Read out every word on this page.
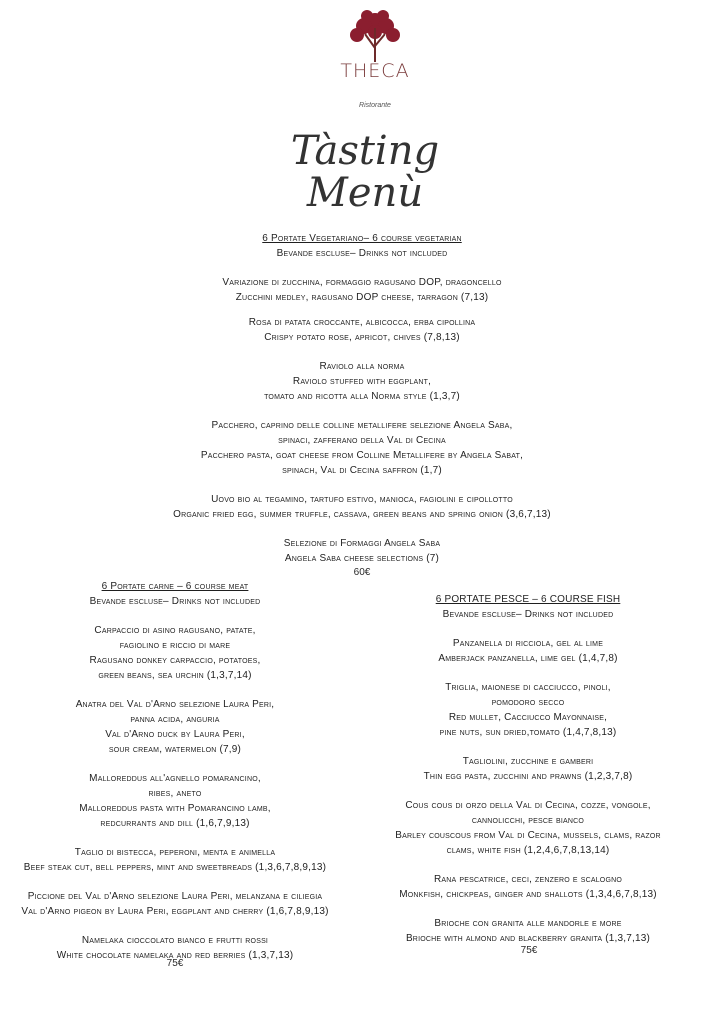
THECA
Ristorante
Tàsting
Menù
6 Portate Vegetariano– 6 course vegetarian
Bevande escluse– Drinks not included
Variazione di zucchina, formaggio ragusano DOP, dragoncello
Zucchini medley, ragusano DOP cheese, tarragon (7,13)
Rosa di patata croccante, albicocca, erba cipollina
Crispy potato rose, apricot, chives (7,8,13)
Raviolo alla norma
Raviolo stuffed with eggplant,
tomato and ricotta alla Norma style (1,3,7)
Pacchero, caprino delle colline metallifere selezione Angela Saba,
spinaci, zafferano della Val di Cecina
Pacchero pasta, goat cheese from Colline Metallifere by Angela Sabat,
spinach, Val di Cecina saffron (1,7)
Uovo bio al tegamino, tartufo estivo, manioca, fagiolini e cipollotto
Organic fried egg, summer truffle, cassava, green beans and spring onion (3,6,7,13)
Selezione di Formaggi Angela Saba
Angela Saba cheese selections (7)
60€
6 Portate carne – 6 course meat
Bevande escluse– Drinks not included
Carpaccio di asino ragusano, patate,
fagiolino e riccio di mare
Ragusano donkey carpaccio, potatoes,
green beans, sea urchin (1,3,7,14)
Anatra del Val d'Arno selezione Laura Peri,
panna acida, anguria
Val d'Arno duck by Laura Peri,
sour cream, watermelon (7,9)
Malloreddus all'agnello pomarancino,
ribes, aneto
Malloreddus pasta with Pomarancino lamb,
redcurrants and dill (1,6,7,9,13)
Taglio di bistecca, peperoni, menta e animella
Beef steak cut, bell peppers, mint and sweetbreads (1,3,6,7,8,9,13)
Piccione del Val d'Arno selezione Laura Peri, melanzana e ciliegia
Val d'Arno pigeon by Laura Peri, eggplant and cherry (1,6,7,8,9,13)
Namelaka cioccolato bianco e frutti rossi
White chocolate namelaka and red berries (1,3,7,13)
75€
6 PORTATE PESCE – 6 COURSE FISH
Bevande escluse– Drinks not included
Panzanella di ricciola, gel al lime
Amberjack panzanella, lime gel (1,4,7,8)
Triglia, maionese di cacciucco, pinoli,
pomodoro secco
Red mullet, Cacciucco Mayonnaise,
pine nuts, sun dried,tomato (1,4,7,8,13)
Tagliolini, zucchine e gamberi
Thin egg pasta, zucchini and prawns (1,2,3,7,8)
Cous cous di orzo della Val di Cecina, cozze, vongole,
cannolicchi, pesce bianco
Barley couscous from Val di Cecina, mussels, clams, razor
clams, white fish (1,2,4,6,7,8,13,14)
Rana pescatrice, ceci, zenzero e scalogno
Monkfish, chickpeas, ginger and shallots (1,3,4,6,7,8,13)
Brioche con granita alle mandorle e more
Brioche with almond and blackberry granita (1,3,7,13)
75€
